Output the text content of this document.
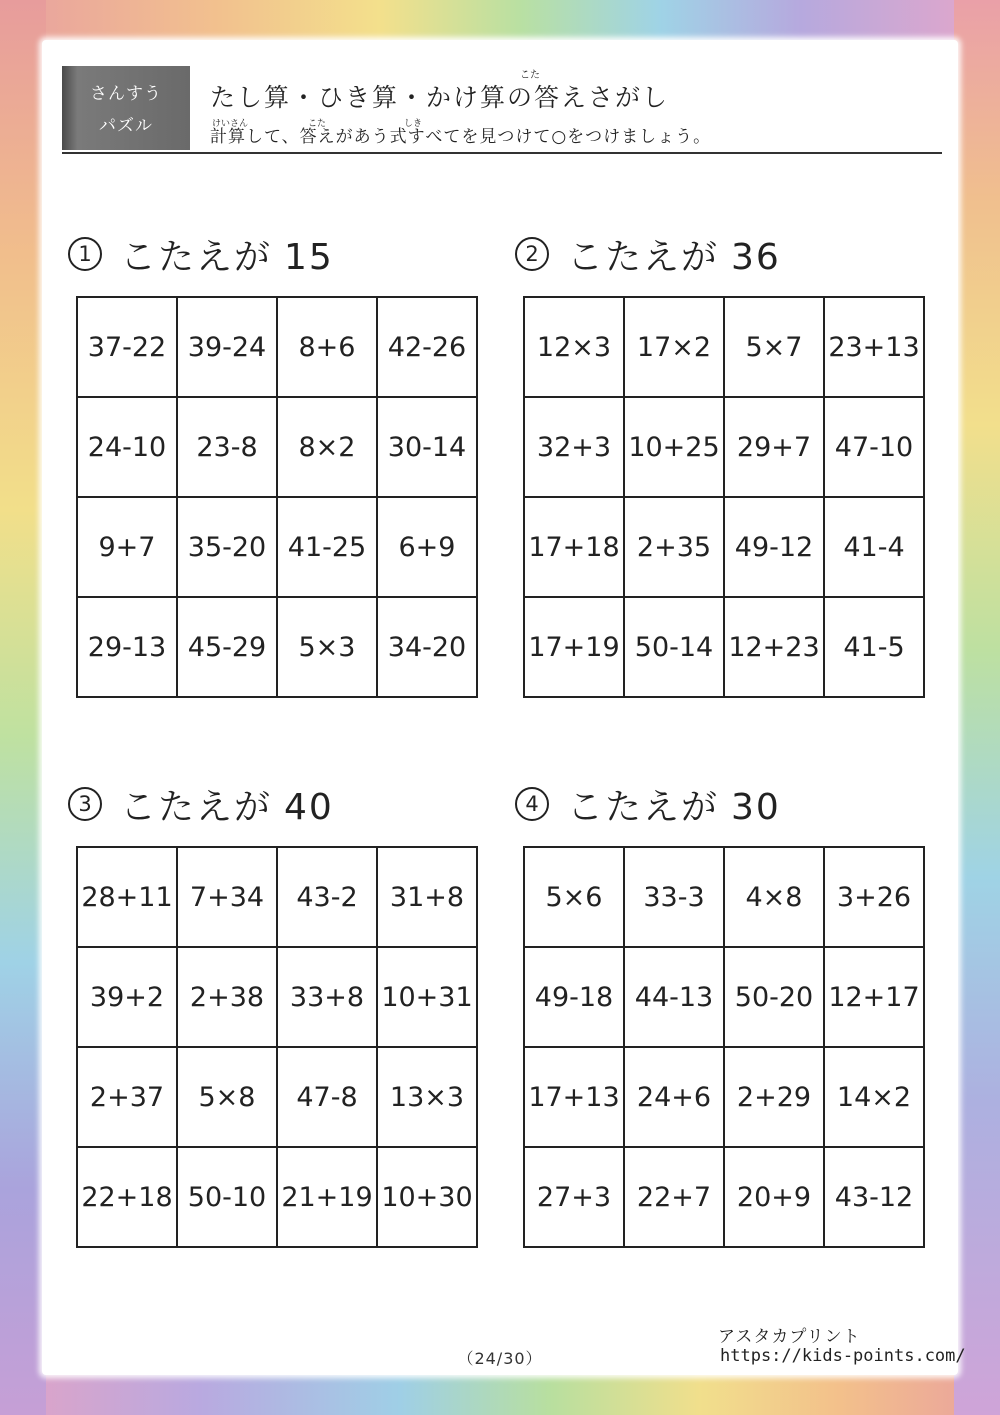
さんすう
パズル
こた
たし算・ひき算・かけ算の答えさがし
けいさん	こた	しき
計算して、答えがあう式すべてを見つけて○をつけましょう。
1 こたえが 15
37-22 39-24	8+6	42-26
24-10	23-8	8×2	30-14
9+7	35-20 41-25	6+9
29-13 45-29	5×3	34-20
2 こたえが 36
12×3 17×2	5×7 23+13
32+3 10+25 29+7 47-10
17+18 2+35 49-12	41-4
17+19 50-14 12+23 41-5
3 こたえが 40
28+11 7+34	43-2	31+8
39+2 2+38 33+8 10+31
2+37	5×8	47-8	13×3
22+18 50-10 21+19 10+30
4 こたえが 30
5×6	33-3	4×8	3+26
49-18 44-13 50-20 12+17
17+13 24+6 2+29 14×2
27+3 22+7 20+9 43-12
アスタカプリント
（24/30）	https://kids-points.com/
